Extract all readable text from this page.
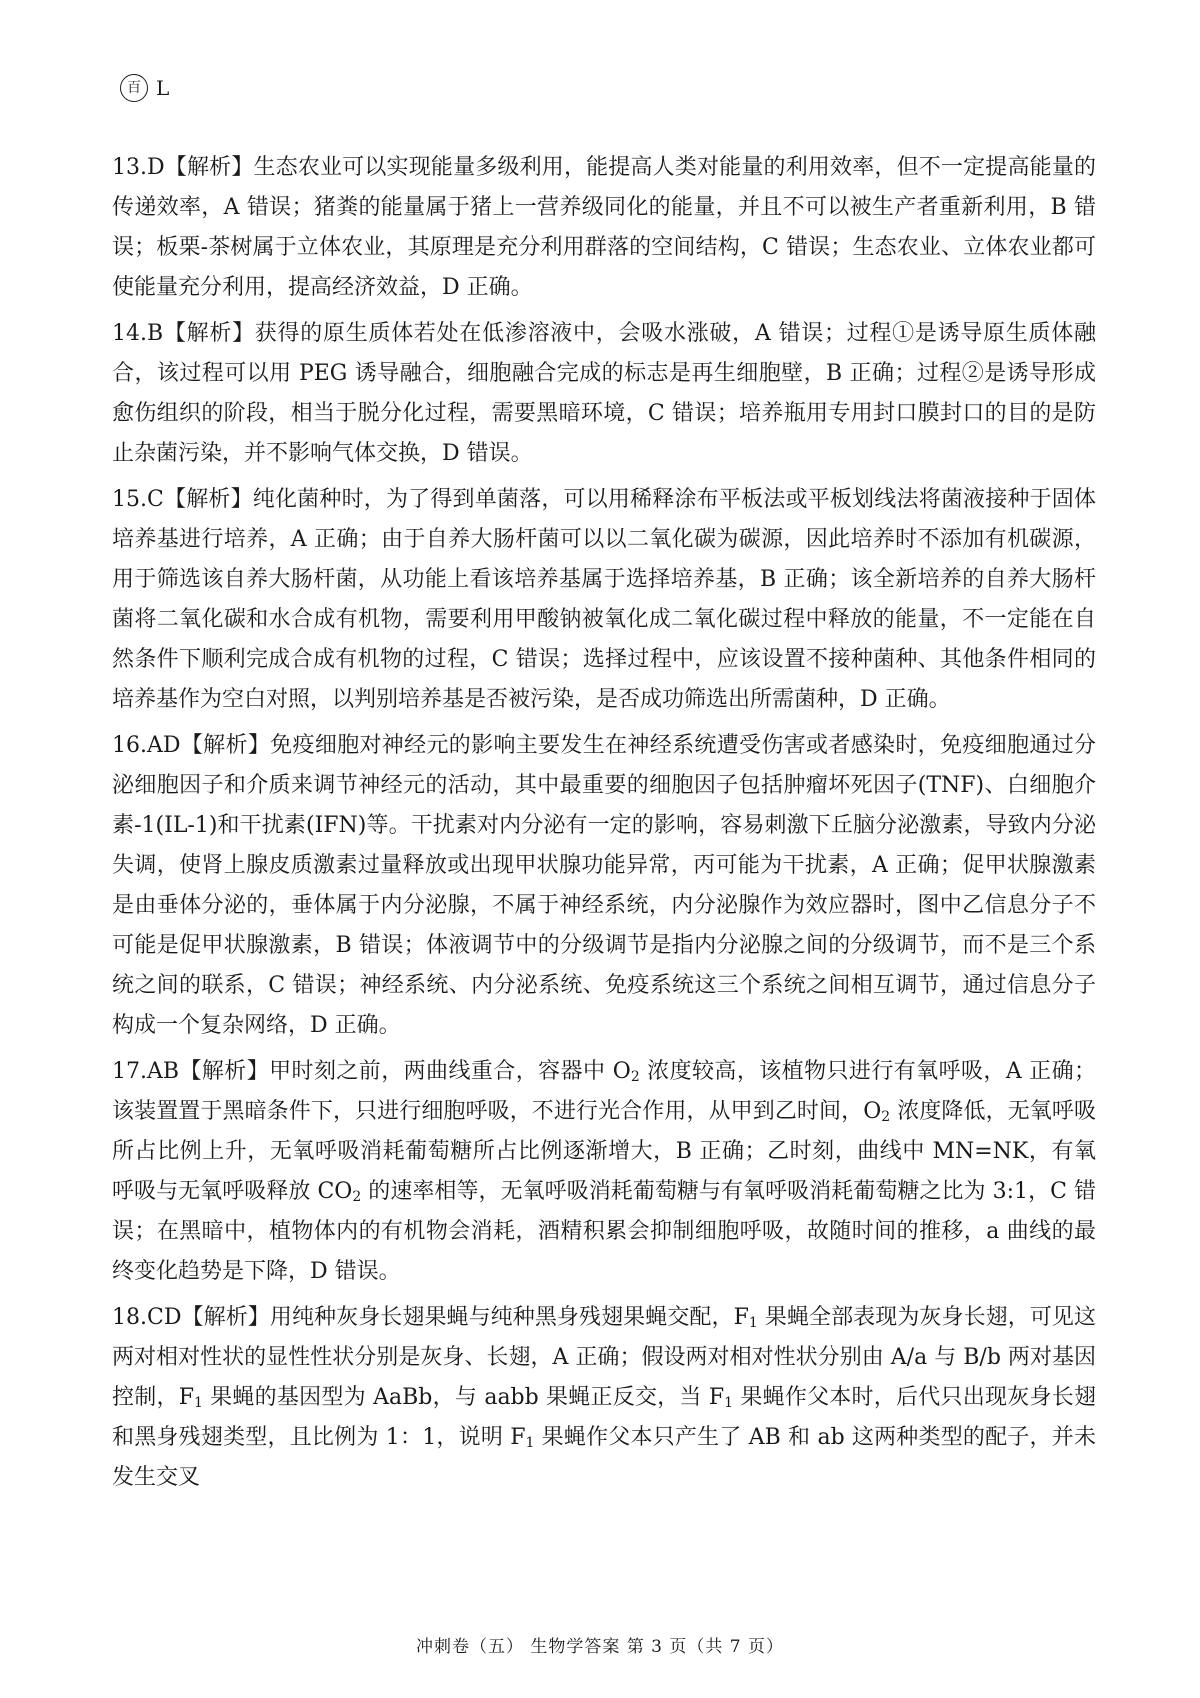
百 L

13.D【解析】生态农业可以实现能量多级利用，能提高人类对能量的利用效率，但不一定提高能量的传递效率，A 错误；猪粪的能量属于猪上一营养级同化的能量，并且不可以被生产者重新利用，B 错误；板栗-茶树属于立体农业，其原理是充分利用群落的空间结构，C 错误；生态农业、立体农业都可使能量充分利用，提高经济效益，D 正确。

14.B【解析】获得的原生质体若处在低渗溶液中，会吸水涨破，A 错误；过程①是诱导原生质体融合，该过程可以用 PEG 诱导融合，细胞融合完成的标志是再生细胞壁，B 正确；过程②是诱导形成愈伤组织的阶段，相当于脱分化过程，需要黑暗环境，C 错误；培养瓶用专用封口膜封口的目的是防止杂菌污染，并不影响气体交换，D 错误。

15.C【解析】纯化菌种时，为了得到单菌落，可以用稀释涂布平板法或平板划线法将菌液接种于固体培养基进行培养，A 正确；由于自养大肠杆菌可以以二氧化碳为碳源，因此培养时不添加有机碳源，用于筛选该自养大肠杆菌，从功能上看该培养基属于选择培养基，B 正确；该全新培养的自养大肠杆菌将二氧化碳和水合成有机物，需要利用甲酸钠被氧化成二氧化碳过程中释放的能量，不一定能在自然条件下顺利完成合成有机物的过程，C 错误；选择过程中，应该设置不接种菌种、其他条件相同的培养基作为空白对照，以判别培养基是否被污染，是否成功筛选出所需菌种，D 正确。

16.AD【解析】免疫细胞对神经元的影响主要发生在神经系统遭受伤害或者感染时，免疫细胞通过分泌细胞因子和介质来调节神经元的活动，其中最重要的细胞因子包括肿瘤坏死因子(TNF)、白细胞介素-1(IL-1)和干扰素(IFN)等。干扰素对内分泌有一定的影响，容易刺激下丘脑分泌激素，导致内分泌失调，使肾上腺皮质激素过量释放或出现甲状腺功能异常，丙可能为干扰素，A 正确；促甲状腺激素是由垂体分泌的，垂体属于内分泌腺，不属于神经系统，内分泌腺作为效应器时，图中乙信息分子不可能是促甲状腺激素，B 错误；体液调节中的分级调节是指内分泌腺之间的分级调节，而不是三个系统之间的联系，C 错误；神经系统、内分泌系统、免疫系统这三个系统之间相互调节，通过信息分子构成一个复杂网络，D 正确。

17.AB【解析】甲时刻之前，两曲线重合，容器中 $O_2$ 浓度较高，该植物只进行有氧呼吸，A 正确；该装置置于黑暗条件下，只进行细胞呼吸，不进行光合作用，从甲到乙时间，$O_2$ 浓度降低，无氧呼吸所占比例上升，无氧呼吸消耗葡萄糖所占比例逐渐增大，B 正确；乙时刻，曲线中 MN=NK，有氧呼吸与无氧呼吸释放 $CO_2$ 的速率相等，无氧呼吸消耗葡萄糖与有氧呼吸消耗葡萄糖之比为 3:1，C 错误；在黑暗中，植物体内的有机物会消耗，酒精积累会抑制细胞呼吸，故随时间的推移，a 曲线的最终变化趋势是下降，D 错误。

18.CD【解析】用纯种灰身长翅果蝇与纯种黑身残翅果蝇交配，$F_1$ 果蝇全部表现为灰身长翅，可见这两对相对性状的显性性状分别是灰身、长翅，A 正确；假设两对相对性状分别由 A/a 与 B/b 两对基因控制，$F_1$ 果蝇的基因型为 AaBb，与 aabb 果蝇正反交，当 $F_1$ 果蝇作父本时，后代只出现灰身长翅和黑身残翅类型，且比例为 1：1，说明 $F_1$ 果蝇作父本只产生了 AB 和 ab 这两种类型的配子，并未发生交叉

冲刺卷（五） 生物学答案 第 3 页（共 7 页）
